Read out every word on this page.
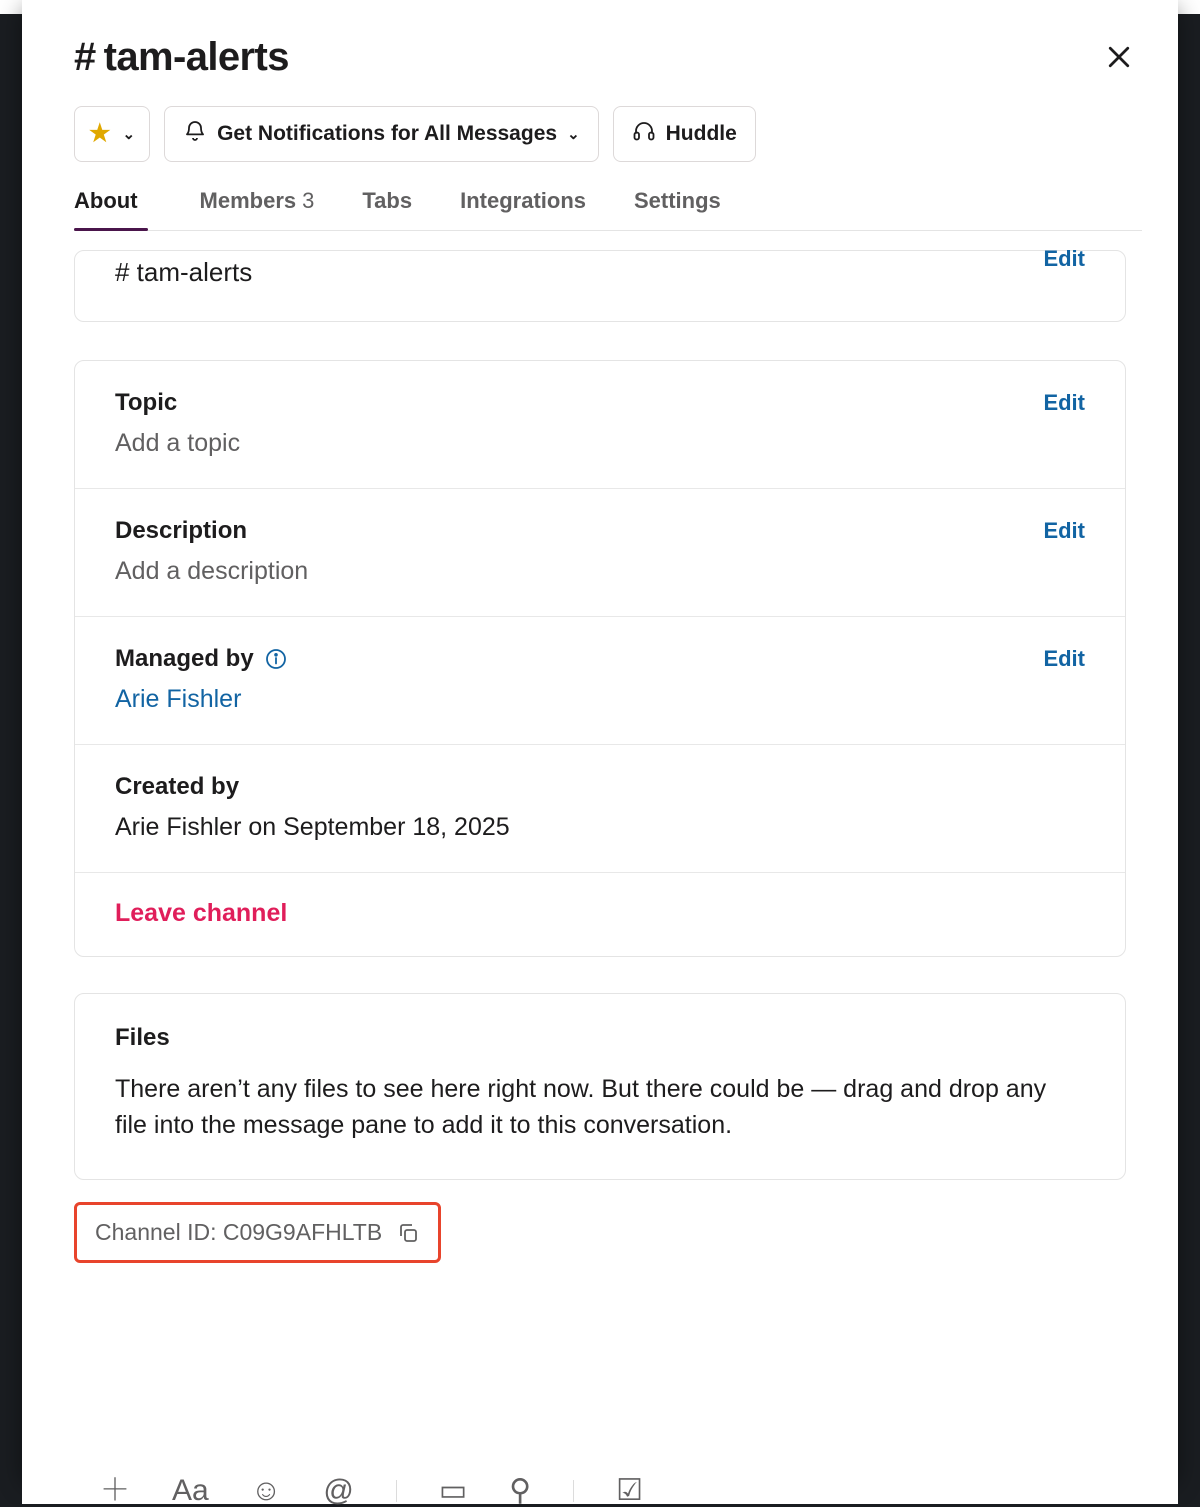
# tam-alerts
★ ⌄	Get Notifications for All Messages ⌄	Huddle
About	Members 3	Tabs	Integrations	Settings
# tam-alerts	Edit
Topic	Edit
Add a topic
Description	Edit
Add a description
Managed by	Edit
Arie Fishler
Created by
Arie Fishler on September 18, 2025
Leave channel
Files
There aren’t any files to see here right now. But there could be — drag and drop any file into the message pane to add it to this conversation.
Channel ID: C09G9AFHLTB
＋ Aa ☺ @	▭ ⚲	☑
